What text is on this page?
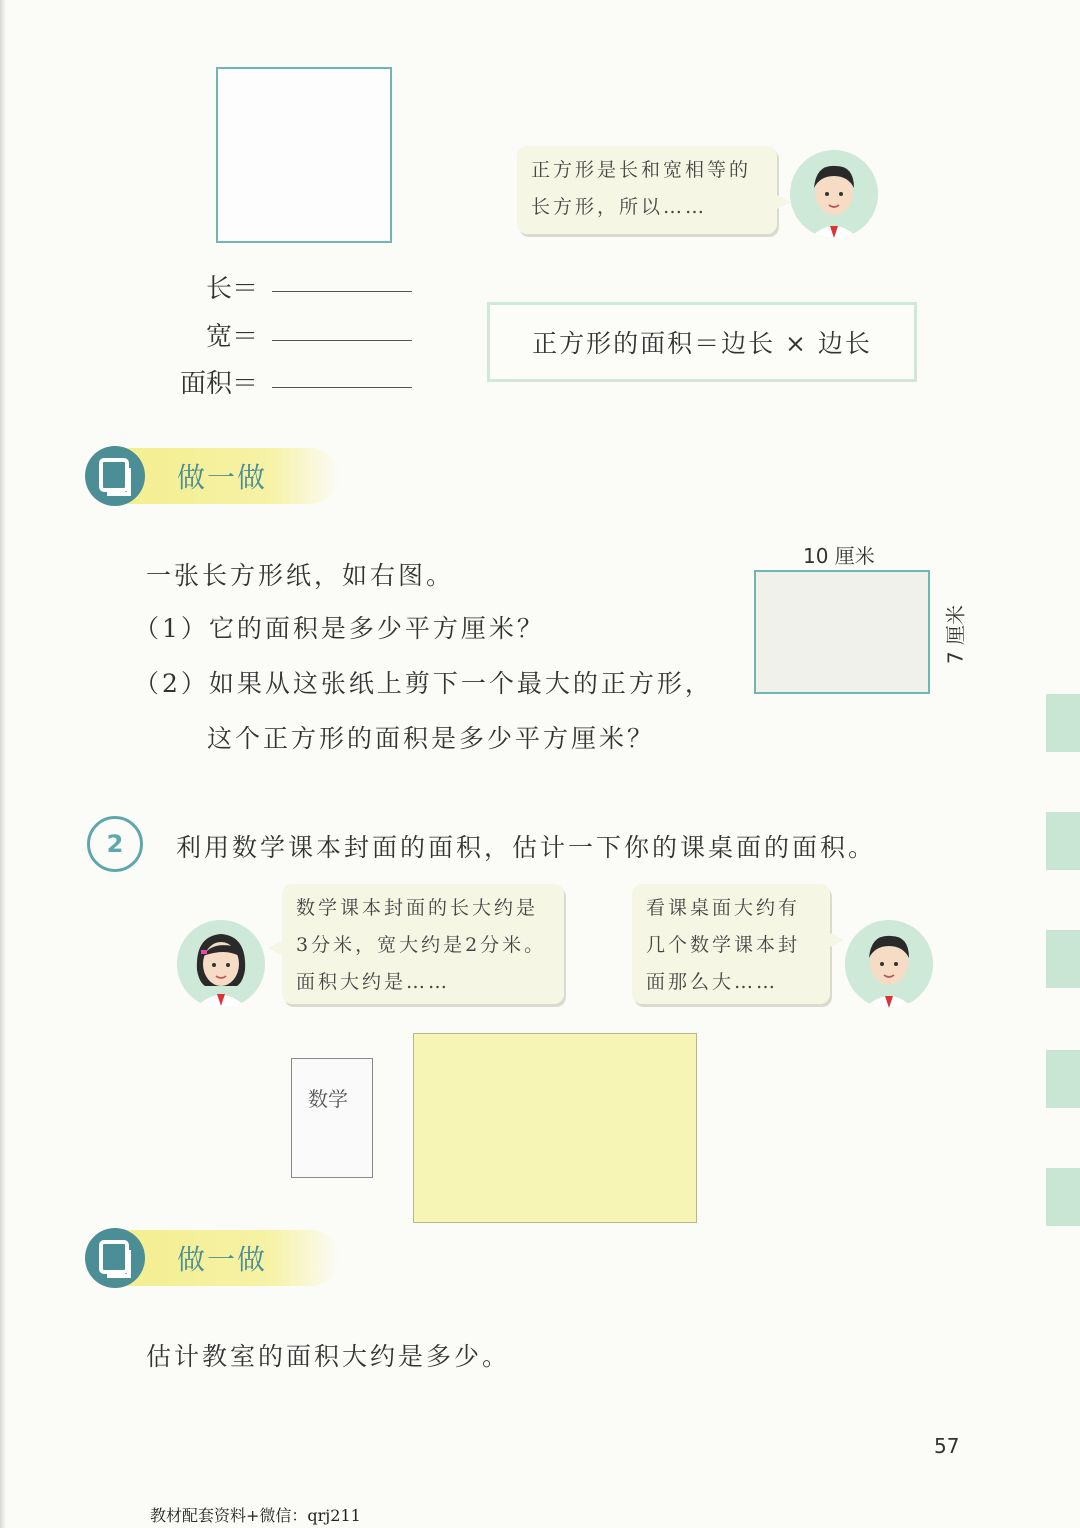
长＝
宽＝
面积＝
正方形是长和宽相等的
长方形，所以……
正方形的面积＝边长 × 边长
做一做
一张长方形纸，如右图。
（1）它的面积是多少平方厘米？
（2）如果从这张纸上剪下一个最大的正方形，
这个正方形的面积是多少平方厘米？
10 厘米
7 厘米
2	利用数学课本封面的面积，估计一下你的课桌面的面积。
数学课本封面的长大约是
3分米，宽大约是2分米。
面积大约是……
看课桌面大约有
几个数学课本封
面那么大……
数学
做一做
估计教室的面积大约是多少。
57
教材配套资料+微信：qrj211
